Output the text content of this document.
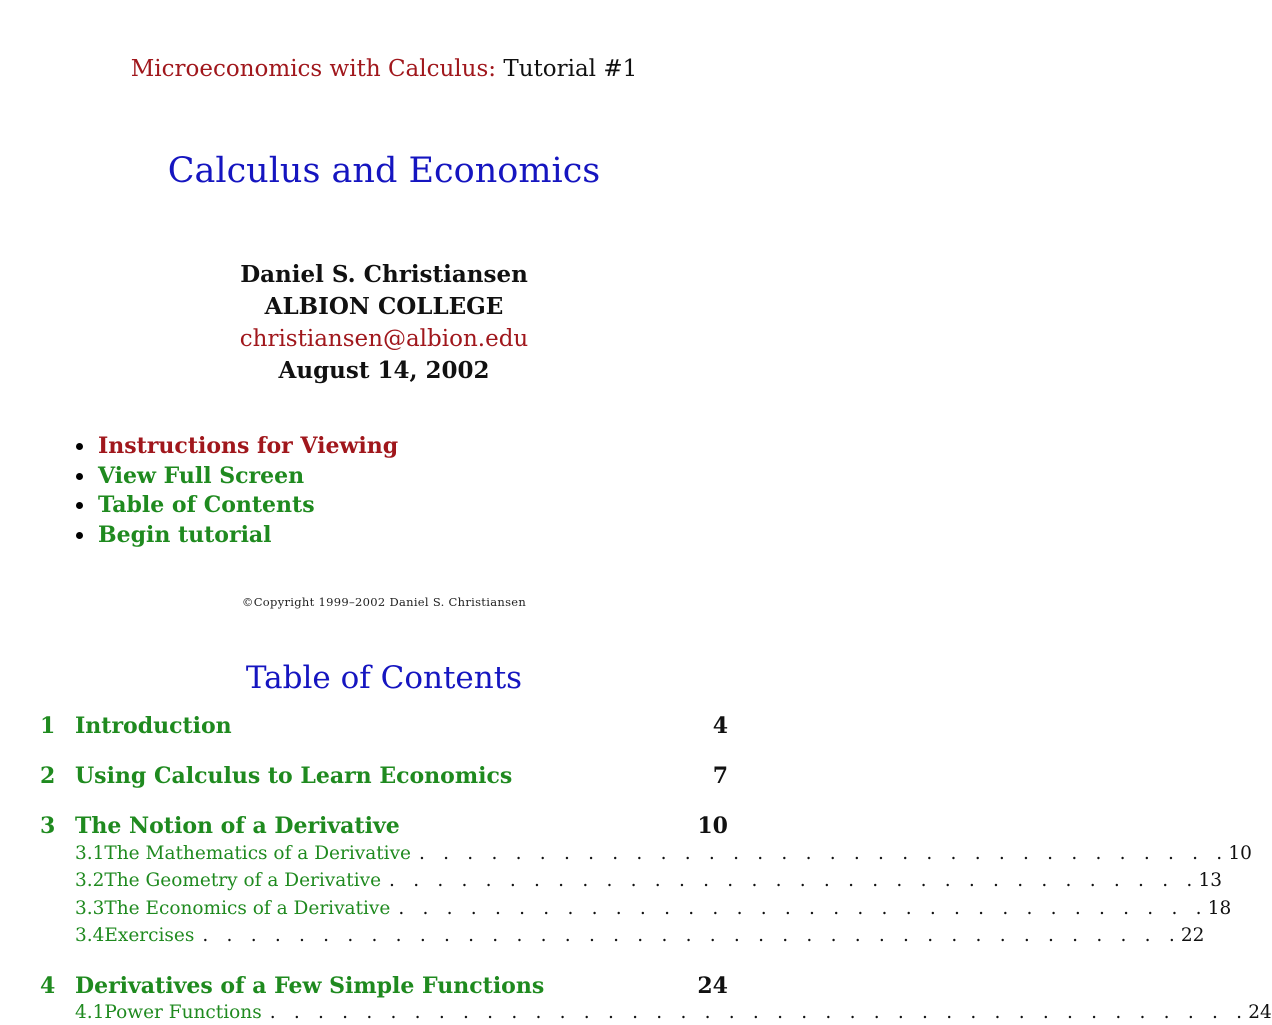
Microeconomics with Calculus: Tutorial #1
Calculus and Economics
Daniel S. Christiansen
ALBION COLLEGE
christiansen@albion.edu
August 14, 2002
Instructions for Viewing
View Full Screen
Table of Contents
Begin tutorial
©Copyright 1999–2002 Daniel S. Christiansen
Table of Contents
1 Introduction	4
2 Using Calculus to Learn Economics	7
3 The Notion of a Derivative	10
3.1 The Mathematics of a Derivative . . . . . . . . . . . . . . . . . . . . . . . . . . . . . . . . . . 10
3.2 The Geometry of a Derivative . . . . . . . . . . . . . . . . . . . . . . . . . . . . . . . . . . 13
3.3 The Economics of a Derivative . . . . . . . . . . . . . . . . . . . . . . . . . . . . . . . . . . 18
3.4 Exercises . . . . . . . . . . . . . . . . . . . . . . . . . . . . . . . . . . . . . . . . . 22
4 Derivatives of a Few Simple Functions	24
4.1 Power Functions . . . . . . . . . . . . . . . . . . . . . . . . . . . . . . . . . . . . . . . . . 24
